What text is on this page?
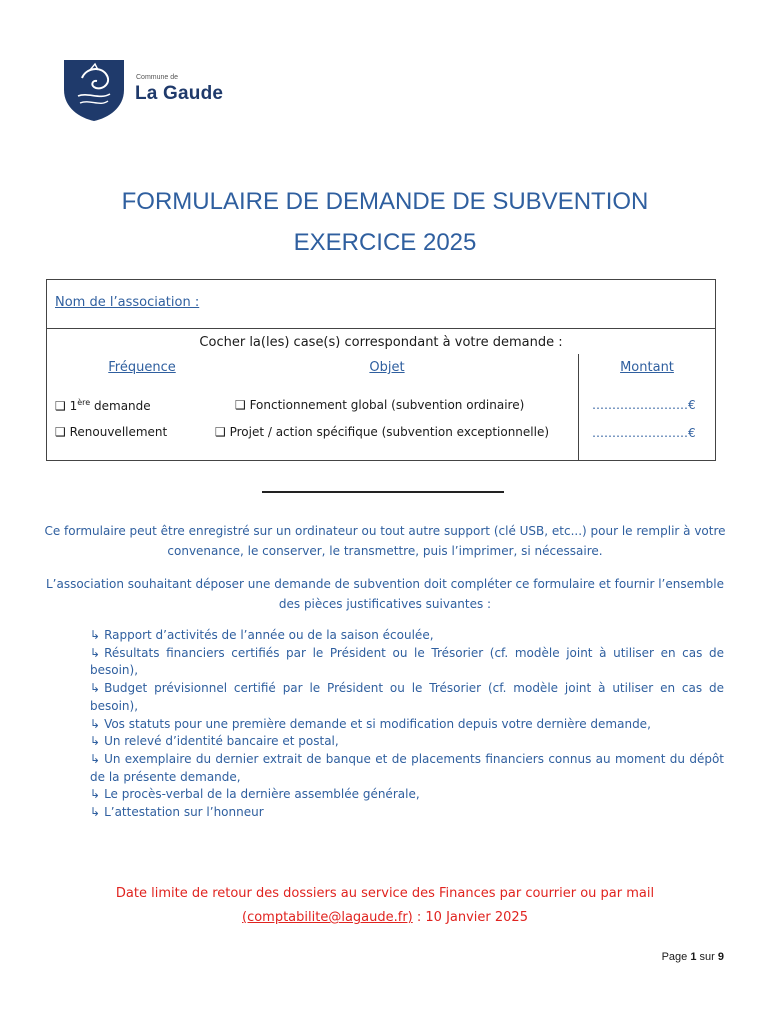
Commune de
La Gaude
FORMULAIRE DE DEMANDE DE SUBVENTION
EXERCICE 2025
Nom de l’association :
Cocher la(les) case(s) correspondant à votre demande :
Fréquence	Objet	Montant
❑ 1ère demande	❑ Fonctionnement global (subvention ordinaire)	……………………€
❑ Renouvellement	❑ Projet / action spécifique (subvention exceptionnelle)	……………………€
Ce formulaire peut être enregistré sur un ordinateur ou tout autre support (clé USB, etc...) pour le remplir à votre convenance, le conserver, le transmettre, puis l’imprimer, si nécessaire.
L’association souhaitant déposer une demande de subvention doit compléter ce formulaire et fournir l’ensemble des pièces justificatives suivantes :
↳ Rapport d’activités de l’année ou de la saison écoulée,
↳ Résultats financiers certifiés par le Président ou le Trésorier (cf. modèle joint à utiliser en cas de besoin),
↳ Budget prévisionnel certifié par le Président ou le Trésorier (cf. modèle joint à utiliser en cas de besoin),
↳ Vos statuts pour une première demande et si modification depuis votre dernière demande,
↳ Un relevé d’identité bancaire et postal,
↳ Un exemplaire du dernier extrait de banque et de placements financiers connus au moment du dépôt de la présente demande,
↳ Le procès-verbal de la dernière assemblée générale,
↳ L’attestation sur l’honneur
Date limite de retour des dossiers au service des Finances par courrier ou par mail
(comptabilite@lagaude.fr) : 10 Janvier 2025
Page 1 sur 9
